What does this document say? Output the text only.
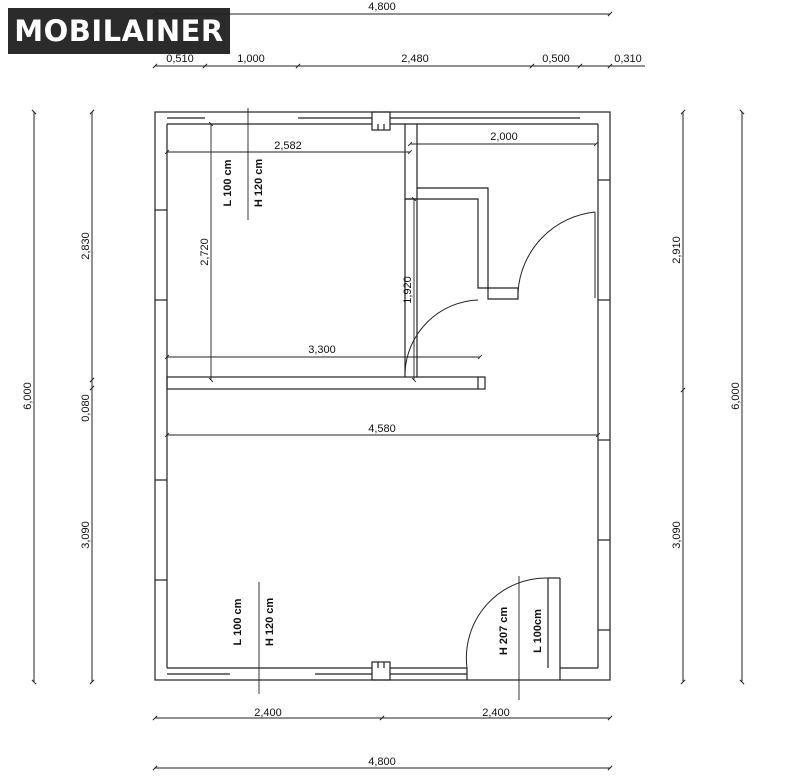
MOBILAINER
4,800
0,510	1,000	2,480	0,500	0,310
2,400	2,400
4,800
6,000
2,830
0,080
3,090
2,910
3,090
6,000
2,582
2,000
2,720
1,920
3,300
4,580
L 100 cm H 120 cm
L 100 cm H 120 cm	H 207 cm L 100cm
